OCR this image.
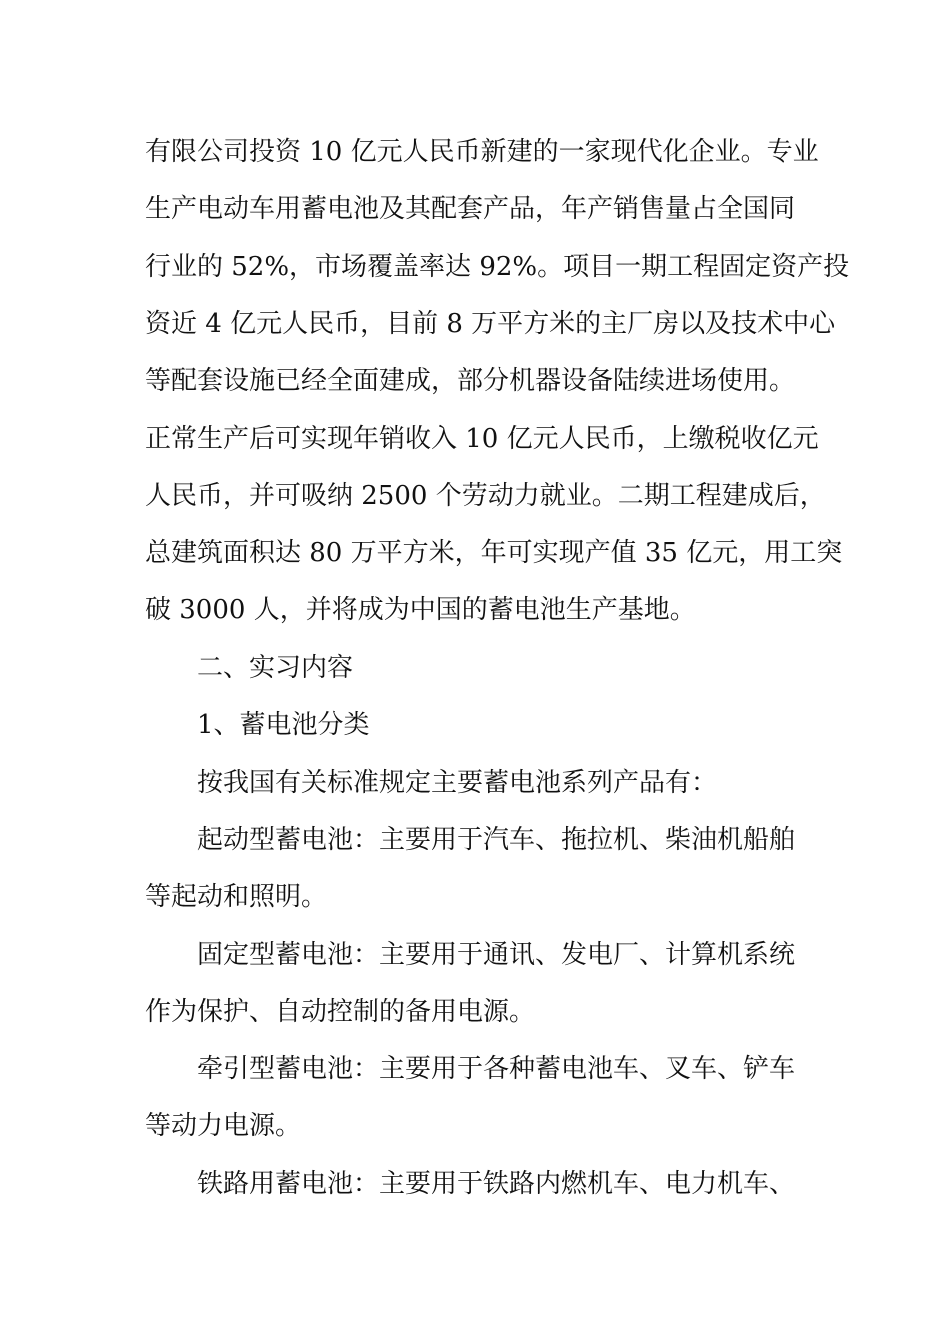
有限公司投资 10 亿元人民币新建的一家现代化企业。专业
生产电动车用蓄电池及其配套产品，年产销售量占全国同
行业的 52%，市场覆盖率达 92%。项目一期工程固定资产投
资近 4 亿元人民币，目前 8 万平方米的主厂房以及技术中心
等配套设施已经全面建成，部分机器设备陆续进场使用。
正常生产后可实现年销收入 10 亿元人民币，上缴税收亿元
人民币，并可吸纳 2500 个劳动力就业。二期工程建成后，
总建筑面积达 80 万平方米，年可实现产值 35 亿元，用工突
破 3000 人，并将成为中国的蓄电池生产基地。
二、实习内容
1、蓄电池分类
按我国有关标准规定主要蓄电池系列产品有：
起动型蓄电池：主要用于汽车、拖拉机、柴油机船舶
等起动和照明。
固定型蓄电池：主要用于通讯、发电厂、计算机系统
作为保护、自动控制的备用电源。
牵引型蓄电池：主要用于各种蓄电池车、叉车、铲车
等动力电源。
铁路用蓄电池：主要用于铁路内燃机车、电力机车、
